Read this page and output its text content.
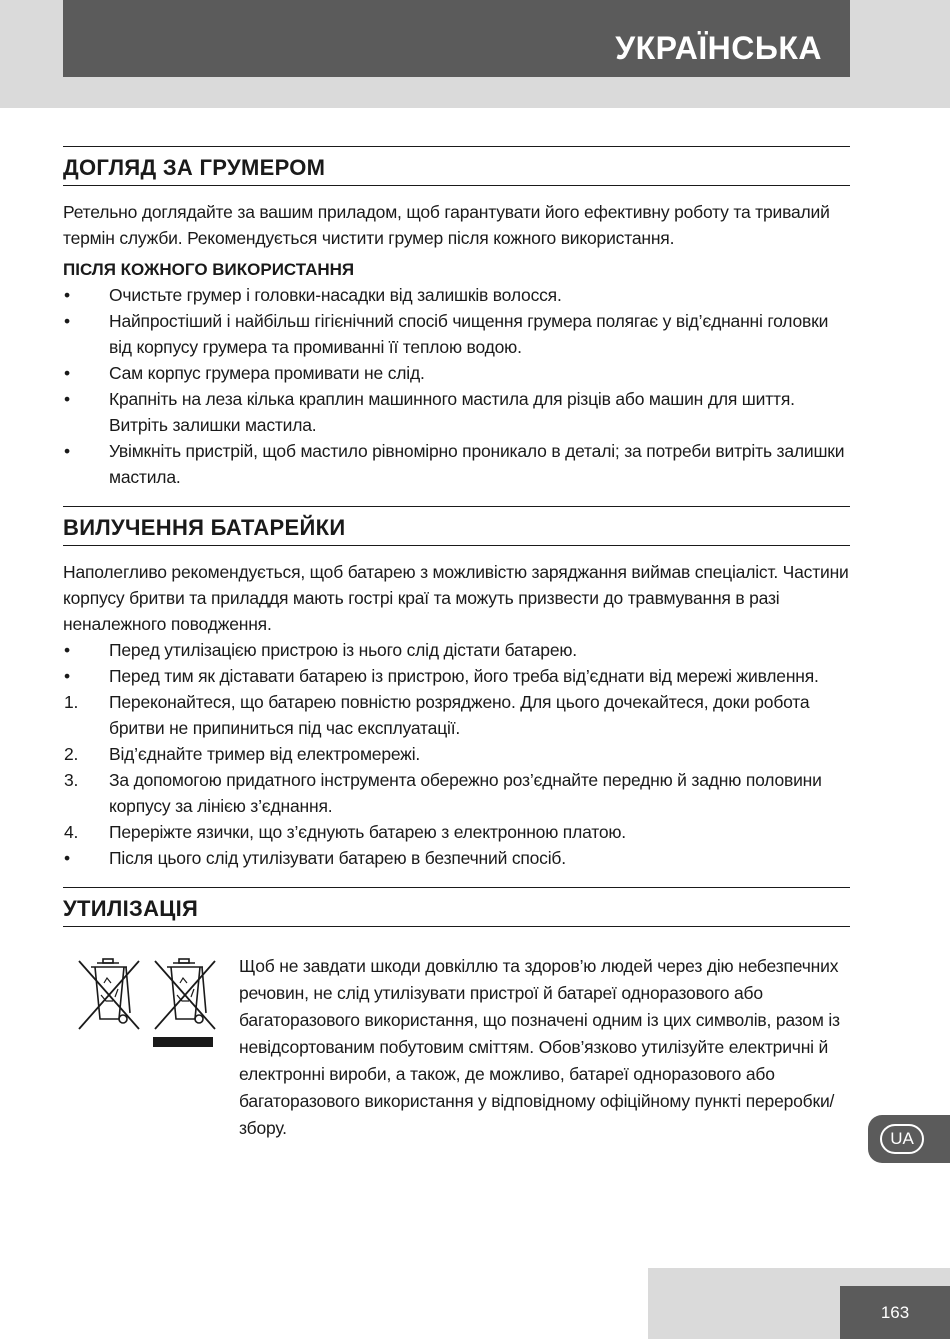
УКРАЇНСЬКА
ДОГЛЯД ЗА ГРУМЕРОМ

Ретельно доглядайте за вашим приладом, щоб гарантувати його ефективну роботу та тривалий термін служби. Рекомендується чистити грумер після кожного використання.

ПІСЛЯ КОЖНОГО ВИКОРИСТАННЯ
•	Очистьте грумер і головки-насадки від залишків волосся.
•	Найпростіший і найбільш гігієнічний спосіб чищення грумера полягає у від’єднанні головки від корпусу грумера та промиванні її теплою водою.
•	Сам корпус грумера промивати не слід.
•	Крапніть на леза кілька краплин машинного мастила для різців або машин для шиття. Витріть залишки мастила.
•	Увімкніть пристрій, щоб мастило рівномірно проникало в деталі; за потреби витріть залишки мастила.
ВИЛУЧЕННЯ БАТАРЕЙКИ

Наполегливо рекомендується, щоб батарею з можливістю заряджання виймав спеціаліст. Частини корпусу бритви та приладдя мають гострі краї та можуть призвести до травмування в разі неналежного поводження.

•	Перед утилізацією пристрою із нього слід дістати батарею.
•	Перед тим як діставати батарею із пристрою, його треба від’єднати від мережі живлення.
1.	Переконайтеся, що батарею повністю розряджено. Для цього дочекайтеся, доки робота бритви не припиниться під час експлуатації.
2.	Від’єднайте тример від електромережі.
3.	За допомогою придатного інструмента обережно роз’єднайте передню й задню половини корпусу за лінією з’єднання.
4.	Переріжте язички, що з’єднують батарею з електронною платою.
•	Після цього слід утилізувати батарею в безпечний спосіб.
УТИЛІЗАЦІЯ

Щоб не завдати шкоди довкіллю та здоров’ю людей через дію небезпечних речовин, не слід утилізувати пристрої й батареї одноразового або багаторазового використання, що позначені одним із цих символів, разом із невідсортованим побутовим сміттям. Обов’язково утилізуйте електричні й електронні вироби, а також, де можливо, батареї одноразового або багаторазового використання у відповідному офіційному пункті переробки/збору.

UA
163
